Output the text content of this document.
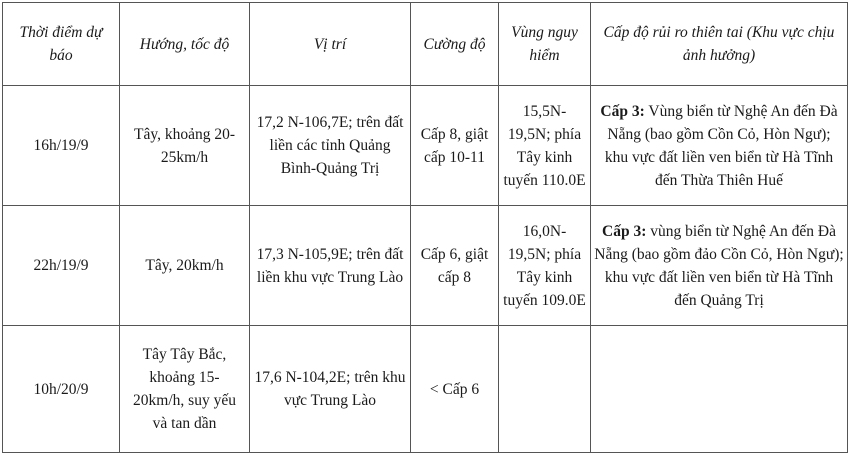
Thời điểm dự báo	Hướng, tốc độ	Vị trí	Cường độ	Vùng nguy hiểm	Cấp độ rủi ro thiên tai (Khu vực chịu ảnh hưởng)
16h/19/9	Tây, khoảng 20-25km/h	17,2 N-106,7E; trên đất liền các tỉnh Quảng Bình-Quảng Trị	Cấp 8, giật cấp 10-11	15,5N-19,5N; phía Tây kinh tuyến 110.0E	Cấp 3: Vùng biển từ Nghệ An đến Đà Nẵng (bao gồm Cồn Cỏ, Hòn Ngư); khu vực đất liền ven biển từ Hà Tĩnh đến Thừa Thiên Huế
22h/19/9	Tây, 20km/h	17,3 N-105,9E; trên đất liền khu vực Trung Lào	Cấp 6, giật cấp 8	16,0N-19,5N; phía Tây kinh tuyến 109.0E	Cấp 3: vùng biển từ Nghệ An đến Đà Nẵng (bao gồm đảo Cồn Cỏ, Hòn Ngư); khu vực đất liền ven biển từ Hà Tĩnh đến Quảng Trị
10h/20/9	Tây Tây Bắc, khoảng 15-20km/h, suy yếu và tan dần	17,6 N-104,2E; trên khu vực Trung Lào	< Cấp 6		
